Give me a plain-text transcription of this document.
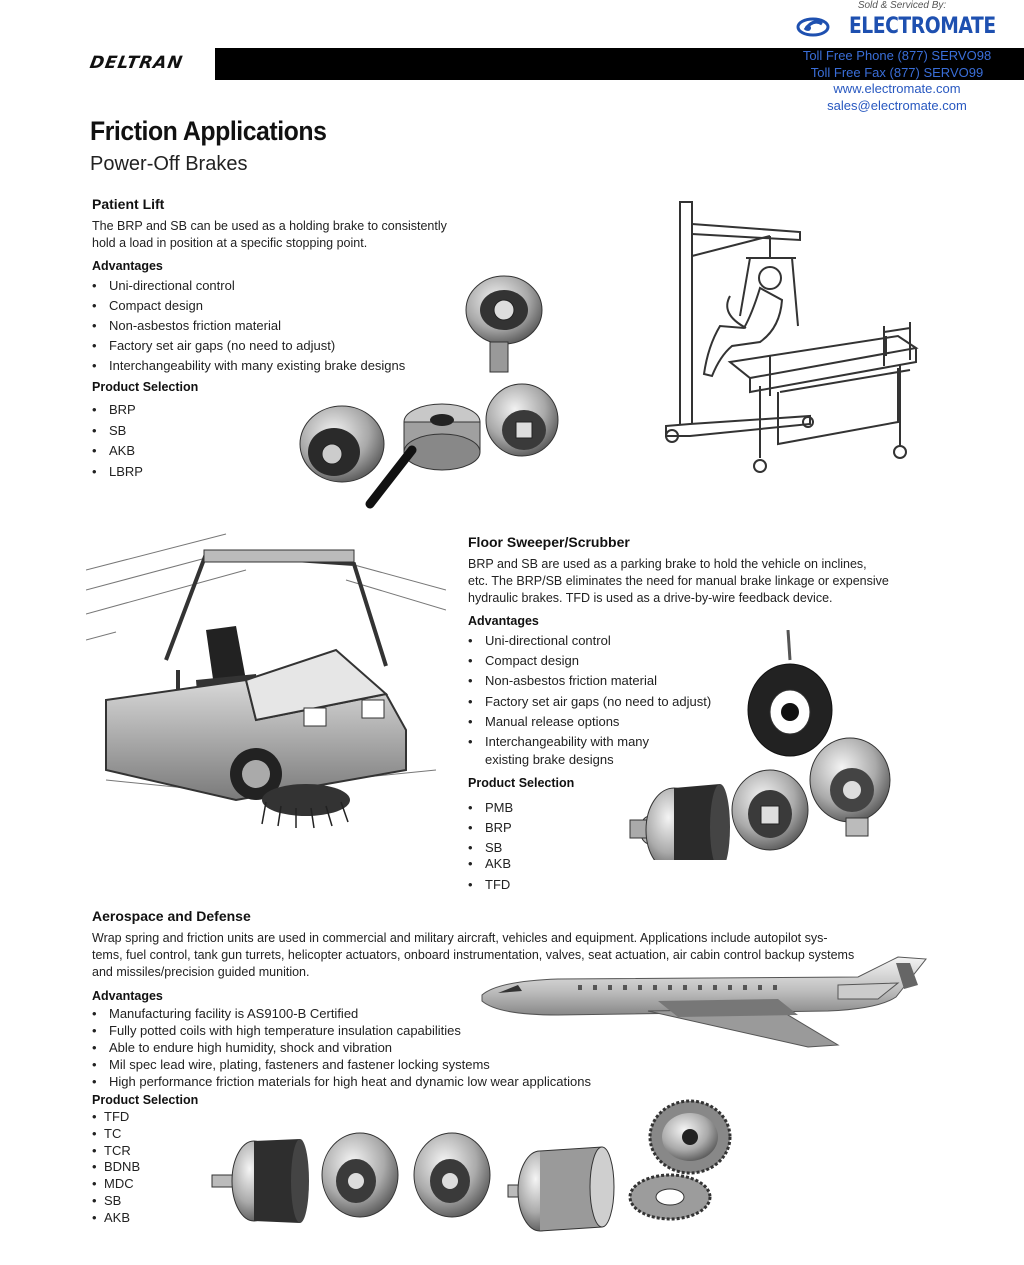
DELTRAN
Sold & Serviced By:
ELECTROMATE
Toll Free Phone (877) SERVO98
Toll Free Fax (877) SERVO99
www.electromate.com
sales@electromate.com
Friction Applications
Power-Off Brakes
Patient Lift
The BRP and SB can be used as a holding brake to consistently
hold a load in position at a specific stopping point.
Advantages
• Uni-directional control
• Compact design
• Non-asbestos friction material
• Factory set air gaps (no need to adjust)
• Interchangeability with many existing brake designs
Product Selection
• BRP
• SB
• AKB
• LBRP
Floor Sweeper/Scrubber
BRP and SB are used as a parking brake to hold the vehicle on inclines,
etc. The BRP/SB eliminates the need for manual brake linkage or expensive
hydraulic brakes. TFD is used as a drive-by-wire feedback device.
Advantages
• Uni-directional control
• Compact design
• Non-asbestos friction material
• Factory set air gaps (no need to adjust)
• Manual release options
• Interchangeability with many
existing brake designs
Product Selection
• PMB
• BRP
• SB
• AKB
• TFD
Aerospace and Defense
Wrap spring and friction units are used in commercial and military aircraft, vehicles and equipment. Applications include autopilot sys-
tems, fuel control, tank gun turrets, helicopter actuators, onboard instrumentation, valves, seat actuation, air cabin control backup systems
and missiles/precision guided munition.
Advantages
• Manufacturing facility is AS9100-B Certified
• Fully potted coils with high temperature insulation capabilities
• Able to endure high humidity, shock and vibration
• Mil spec lead wire, plating, fasteners and fastener locking systems
• High performance friction materials for high heat and dynamic low wear applications
Product Selection
• TFD
• TC
• TCR
• BDNB
• MDC
• SB
• AKB
